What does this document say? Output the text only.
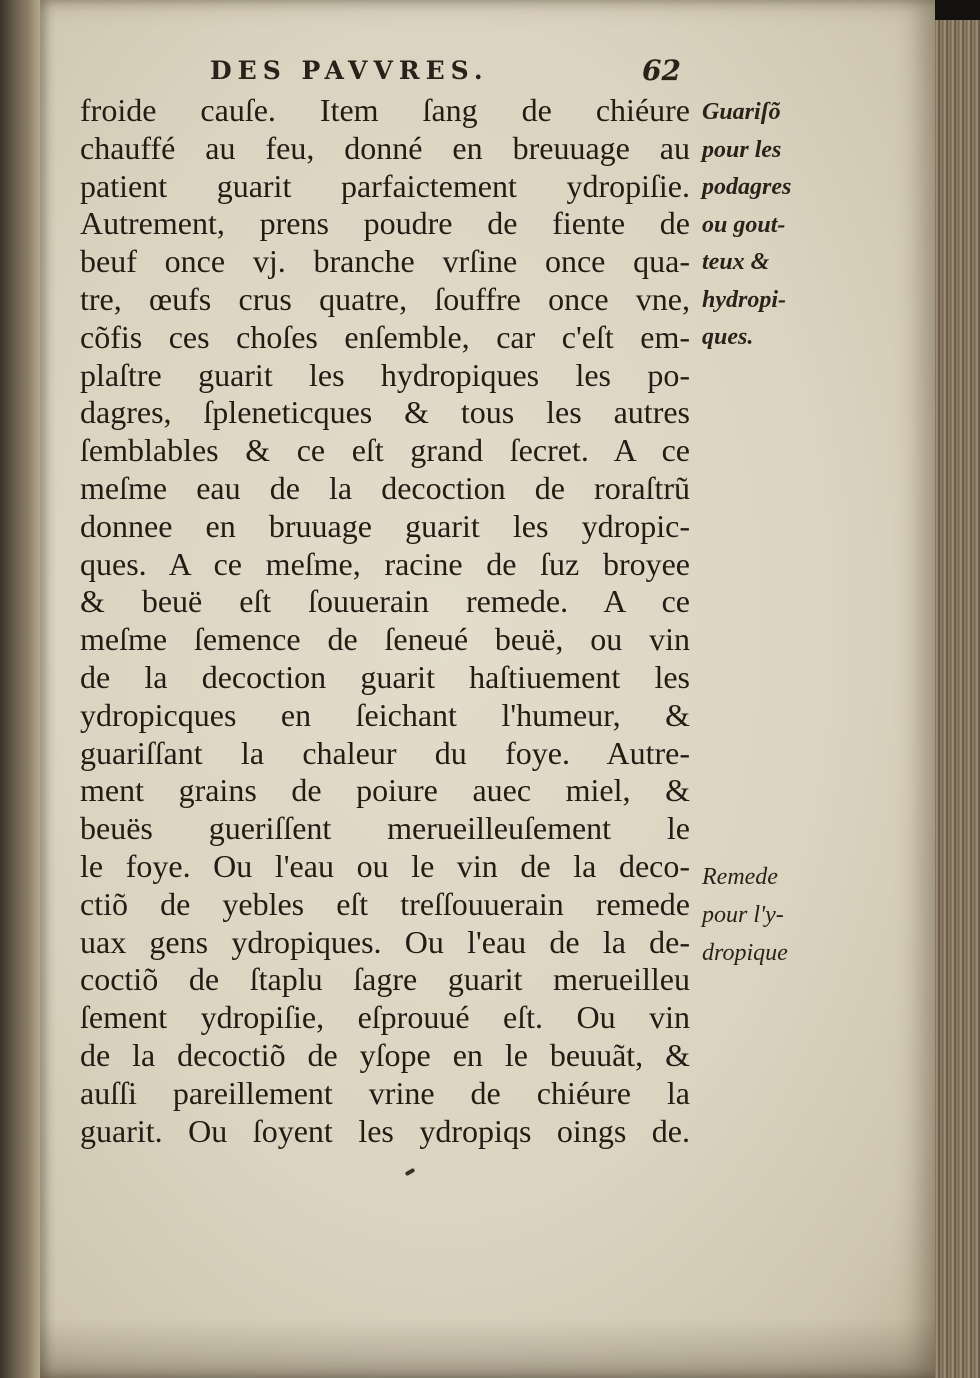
DES PAVVRES.	62
froide cauſe. Item ſang de chiéure
chauffé au feu, donné en breuuage au
patient guarit parfaictement ydropiſie.
Autrement, prens poudre de fiente de
beuf once vj. branche vrſine once qua-
tre, œufs crus quatre, ſouffre once vne,
cõfis ces choſes enſemble, car c'eſt em-
plaſtre guarit les hydropiques les po-
dagres, ſpleneticques & tous les autres
ſemblables & ce eſt grand ſecret. A ce
meſme eau de la decoction de roraſtrũ
donnee en bruuage guarit les ydropic-
ques. A ce meſme, racine de ſuz broyee
& beuë eſt ſouuerain remede. A ce
meſme ſemence de ſeneué beuë, ou vin
de la decoction guarit haſtiuement les
ydropicques en ſeichant l'humeur, &
guariſſant la chaleur du foye. Autre-
ment grains de poiure auec miel, &
beuës gueriſſent merueilleuſement le
le foye. Ou l'eau ou le vin de la deco-
ctiõ de yebles eſt treſſouuerain remede
uax gens ydropiques. Ou l'eau de la de-
coctiõ de ſtaplu ſagre guarit merueilleu
ſement ydropiſie, eſprouué eſt. Ou vin
de la decoctiõ de yſope en le beuuãt, &
auſſi pareillement vrine de chiéure la
guarit. Ou ſoyent les ydropiqs oings de.
Guariſõ
pour les
podagres
ou gout-
teux &
hydropi-
ques.
Remede
pour l'y-
dropique
